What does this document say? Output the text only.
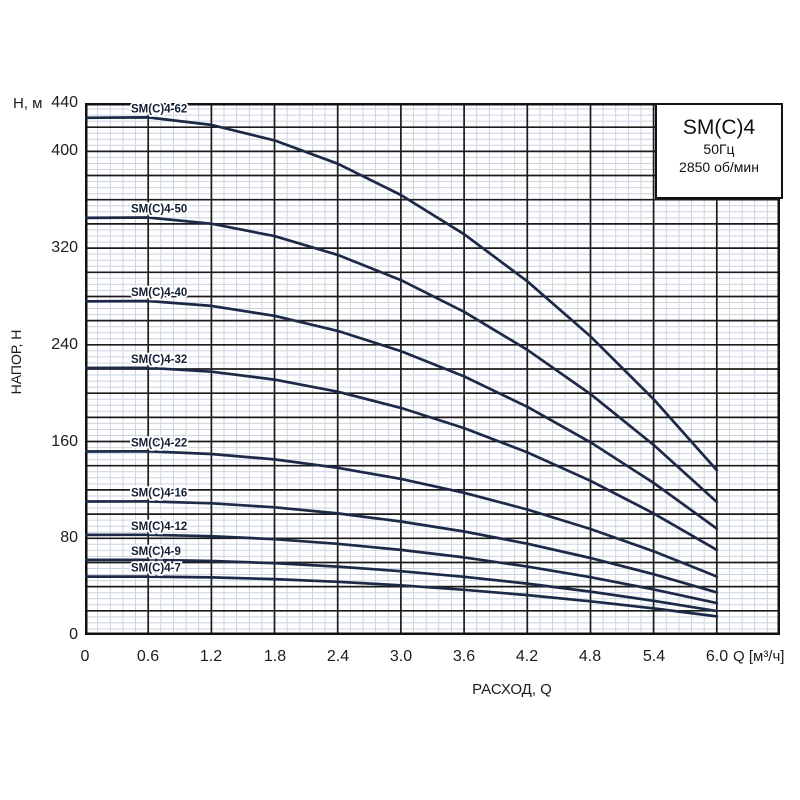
Н, м
НАПОР, Н
SM(C)4-62
SM(C)4-50
SM(C)4-40
SM(C)4-32
SM(C)4-22
SM(C)4-16
SM(C)4-12
SM(C)4-9
SM(C)4-7
SM(C)4
50Гц
2850 об/мин
440
400
320
240
160
80
0
0	0.6	1.2	1.8	2.4	3.0	3.6	4.2	4.8	5.4	6.0 Q [м³/ч]
РАСХОД, Q
